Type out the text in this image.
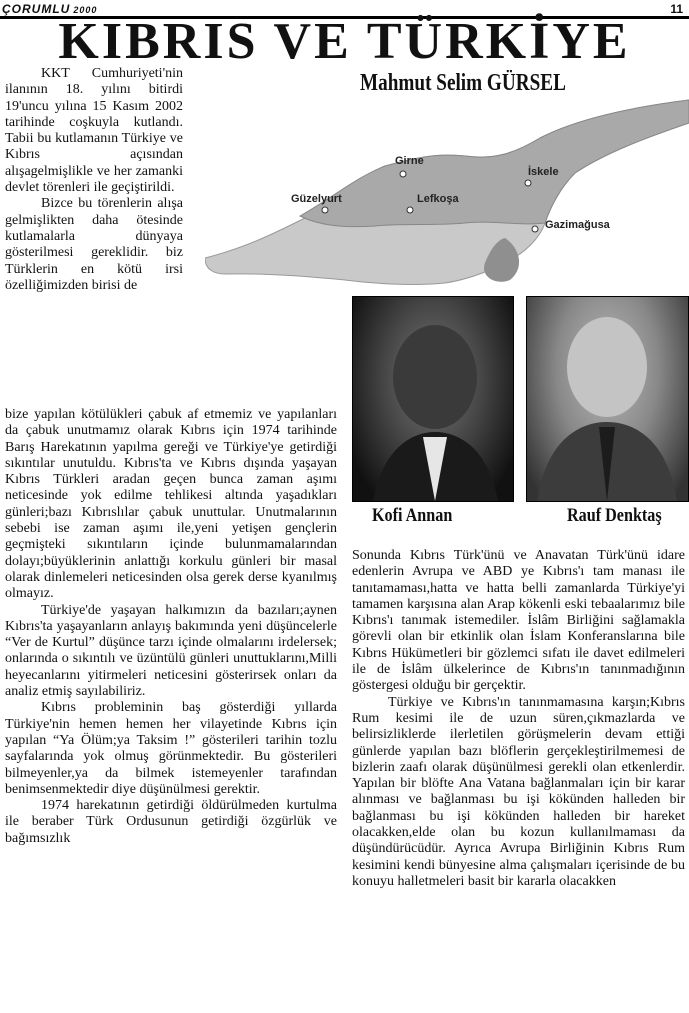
ÇORUMLU 2000	11
KIBRIS VE TÜRKİYE
Mahmut Selim GÜRSEL
Girne
İskele
Güzelyurt	Lefkoşa
Gazimağusa

KKT Cumhuriyeti'nin ilanının 18. yılını bitirdi 19'uncu yılına 15 Kasım 2002 tarihinde coşkuyla kutlandı. Tabii bu kutlamanın Türkiye ve Kıbrıs açısından alışagelmişlikle ve her zamanki devlet törenleri ile geçiştirildi.

Bizce bu törenlerin alışa gelmişlikten daha ötesinde kutlamalarla dünyaya gösterilmesi gereklidir. biz Türklerin en kötü irsi özelliğimizden birisi de

bize yapılan kötülükleri çabuk af etmemiz ve yapılanları da çabuk unutmamız olarak Kıbrıs için 1974 tarihinde Barış Harekatının yapılma gereği ve Türkiye'ye getirdiği sıkıntılar unutuldu. Kıbrıs'ta ve Kıbrıs dışında yaşayan Kıbrıs Türkleri aradan geçen bunca zaman aşımı neticesinde yok edilme tehlikesi altında yaşadıkları günleri;bazı Kıbrıslılar çabuk unuttular. Unutmalarının sebebi ise zaman aşımı ile,yeni yetişen gençlerin geçmişteki sıkıntıların içinde bulunmamalarından dolayı;büyüklerinin anlattığı korkulu günleri bir masal olarak dinlemeleri neticesinden olsa gerek derse kyanılmış olmayız.

Türkiye'de yaşayan halkımızın da bazıları;aynen Kıbrıs'ta yaşayanların anlayış bakımında yeni düşüncelerle “Ver de Kurtul” düşünce tarzı içinde olmalarını irdelersek; onlarında o sıkıntılı ve üzüntülü günleri unuttuklarını,Milli heyecanlarını yitirmeleri neticesini gösterirsek onları da analiz etmiş sayılabiliriz.

Kıbrıs probleminin baş gösterdiği yıllarda Türkiye'nin hemen hemen her vilayetinde Kıbrıs için yapılan “Ya Ölüm;ya Taksim !” gösterileri tarihin tozlu sayfalarında yok olmuş görünmektedir. Bu gösterileri bilmeyenler,ya da bilmek istemeyenler tarafından benimsenmektedir diye düşünülmesi gerektir.

1974 harekatının getirdiği öldürülmeden kurtulma ile beraber Türk Ordusunun getirdiği özgürlük ve bağımsızlık

Kofi Annan	Rauf Denktaş

Sonunda Kıbrıs Türk'ünü ve Anavatan Türk'ünü idare edenlerin Avrupa ve ABD ye Kıbrıs'ı tam manası ile tanıtamaması,hatta ve hatta belli zamanlarda Türkiye'yi tamamen karşısına alan Arap kökenli eski tebaalarımız bile Kıbrıs'ı tanımak istemediler. İslâm Birliğini sağlamakla görevli olan bir etkinlik olan İslam Konferanslarına bile Kıbrıs Hükümetleri bir gözlemci sıfatı ile davet edilmeleri ile de İslâm ülkelerince de Kıbrıs'ın tanınmadığının göstergesi olduğu bir gerçektir.

Türkiye ve Kıbrıs'ın tanınmamasına karşın;Kıbrıs Rum kesimi ile de uzun süren,çıkmazlarda ve belirsizliklerde ilerletilen görüşmelerin devam ettiği günlerde yapılan bazı blöflerin gerçekleştirilmemesi de bizlerin zaafı olarak düşünülmesi gerekli olan etkenlerdir. Yapılan bir blöfte Ana Vatana bağlanmaları için bir karar alınması ve bağlanması bu işi kökünden halleden bir bağlanması bu işi kökünden halleden bir hareket olacakken,elde olan bu kozun kullanılmaması da düşündürücüdür. Ayrıca Avrupa Birliğinin Kıbrıs Rum kesimini kendi bünyesine alma çalışmaları içerisinde de bu konuyu halletmeleri basit bir kararla olacakken
